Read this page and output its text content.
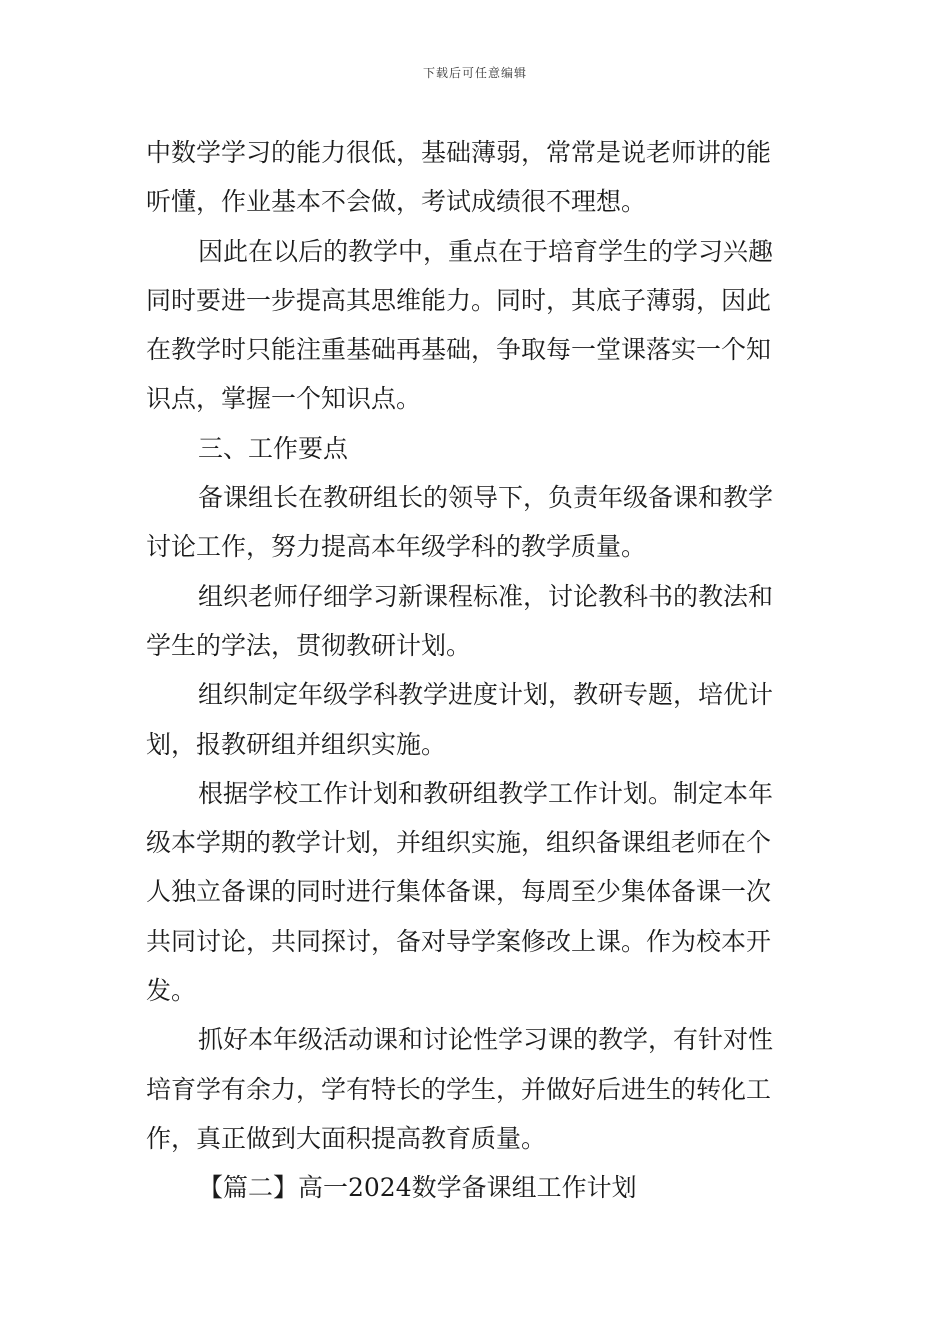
下载后可任意编辑
中数学学习的能力很低，基础薄弱，常常是说老师讲的能
听懂，作业基本不会做，考试成绩很不理想。
因此在以后的教学中，重点在于培育学生的学习兴趣
同时要进一步提高其思维能力。同时，其底子薄弱，因此
在教学时只能注重基础再基础，争取每一堂课落实一个知
识点，掌握一个知识点。
三、工作要点
备课组长在教研组长的领导下，负责年级备课和教学
讨论工作，努力提高本年级学科的教学质量。
组织老师仔细学习新课程标准，讨论教科书的教法和
学生的学法，贯彻教研计划。
组织制定年级学科教学进度计划，教研专题，培优计
划，报教研组并组织实施。
根据学校工作计划和教研组教学工作计划。制定本年
级本学期的教学计划，并组织实施，组织备课组老师在个
人独立备课的同时进行集体备课，每周至少集体备课一次
共同讨论，共同探讨，备对导学案修改上课。作为校本开
发。
抓好本年级活动课和讨论性学习课的教学，有针对性
培育学有余力，学有特长的学生，并做好后进生的转化工
作，真正做到大面积提高教育质量。
【篇二】高一2024数学备课组工作计划
